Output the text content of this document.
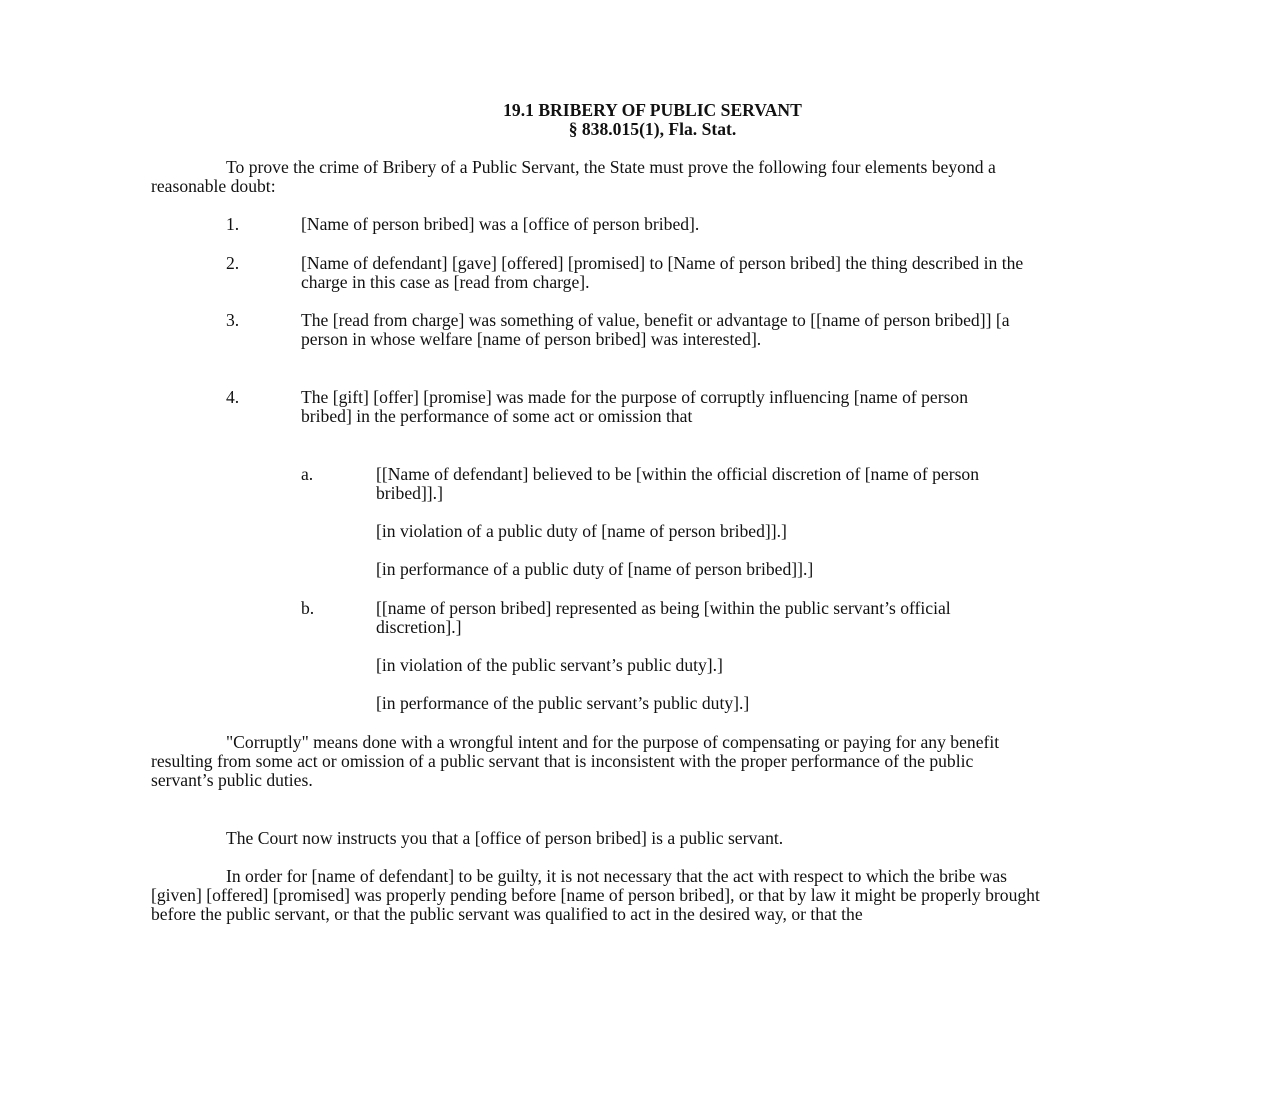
19.1 BRIBERY OF PUBLIC SERVANT
§ 838.015(1), Fla. Stat.

To prove the crime of Bribery of a Public Servant, the State must prove the following four elements beyond a reasonable doubt:

1.	[Name of person bribed] was a [office of person bribed].
2.	[Name of defendant] [gave] [offered] [promised] to [Name of person bribed] the thing described in the charge in this case as [read from charge].
3.	The [read from charge] was something of value, benefit or advantage to [[name of person bribed]] [a person in whose welfare [name of person bribed] was interested].
4.	The [gift] [offer] [promise] was made for the purpose of corruptly influencing [name of person bribed] in the performance of some act or omission that
a.	[[Name of defendant] believed to be [within the official discretion of [name of person bribed]].]
[in violation of a public duty of [name of person bribed]].]
[in performance of a public duty of [name of person bribed]].]
b.	[[name of person bribed] represented as being [within the public servant’s official discretion].]
[in violation of the public servant’s public duty].]
[in performance of the public servant’s public duty].]

"Corruptly" means done with a wrongful intent and for the purpose of compensating or paying for any benefit resulting from some act or omission of a public servant that is inconsistent with the proper performance of the public servant’s public duties.

The Court now instructs you that a [office of person bribed] is a public servant.

In order for [name of defendant] to be guilty, it is not necessary that the act with respect to which the bribe was [given] [offered] [promised] was properly pending before [name of person bribed], or that by law it might be properly brought before the public servant, or that the public servant was qualified to act in the desired way, or that the
